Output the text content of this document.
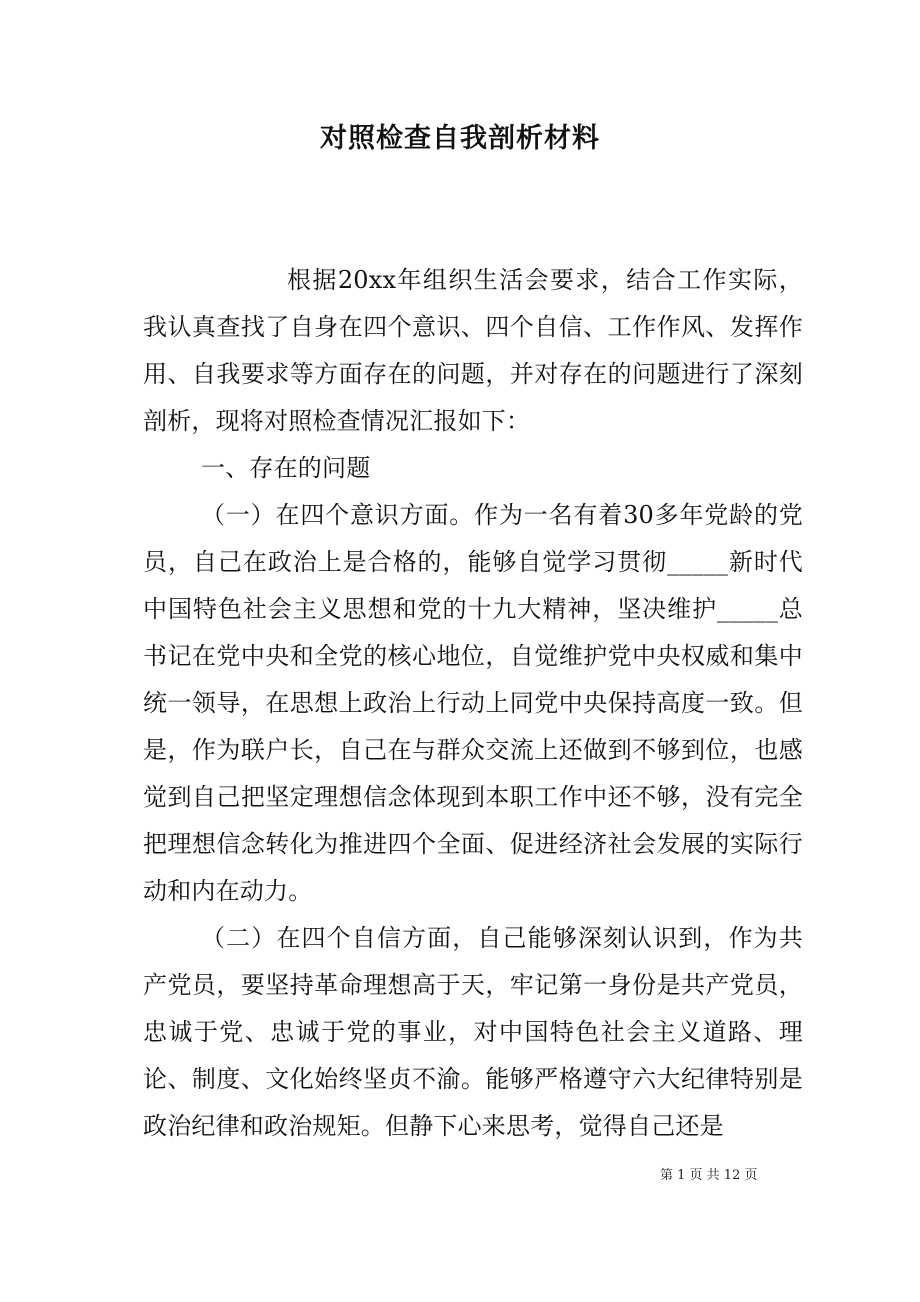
对照检查自我剖析材料

根据20xx年组织生活会要求，结合工作实际，我认真查找了自身在四个意识、四个自信、工作作风、发挥作用、自我要求等方面存在的问题，并对存在的问题进行了深刻剖析，现将对照检查情况汇报如下：

一、存在的问题

（一）在四个意识方面。作为一名有着30多年党龄的党员，自己在政治上是合格的，能够自觉学习贯彻_____新时代中国特色社会主义思想和党的十九大精神，坚决维护_____总书记在党中央和全党的核心地位，自觉维护党中央权威和集中统一领导，在思想上政治上行动上同党中央保持高度一致。但是，作为联户长，自己在与群众交流上还做到不够到位，也感觉到自己把坚定理想信念体现到本职工作中还不够，没有完全把理想信念转化为推进四个全面、促进经济社会发展的实际行动和内在动力。

（二）在四个自信方面，自己能够深刻认识到，作为共产党员，要坚持革命理想高于天，牢记第一身份是共产党员，忠诚于党、忠诚于党的事业，对中国特色社会主义道路、理论、制度、文化始终坚贞不渝。能够严格遵守六大纪律特别是政治纪律和政治规矩。但静下心来思考，觉得自己还是

第 1 页 共 12 页
